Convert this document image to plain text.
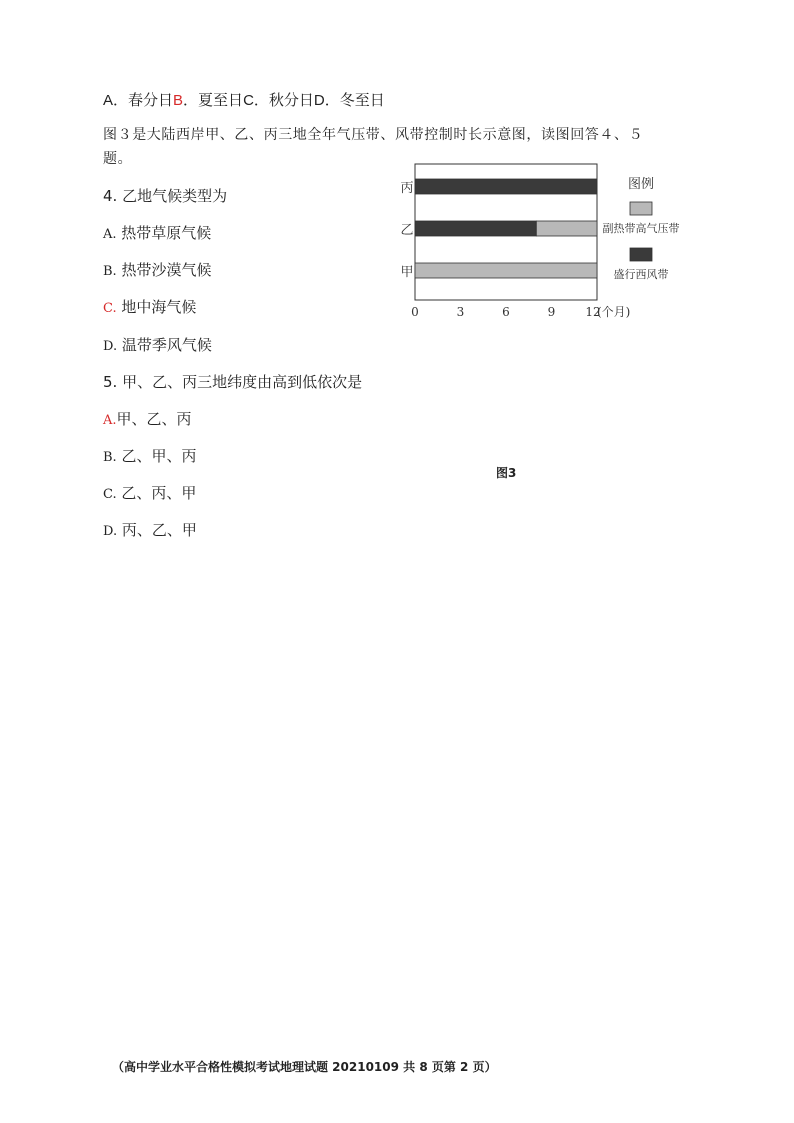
A．春分日B．夏至日C．秋分日D．冬至日
图３是大陆西岸甲、乙、丙三地全年气压带、风带控制时长示意图，读图回答４、５
题。
4. 乙地气候类型为
A. 热带草原气候
B. 热带沙漠气候
C. 地中海气候
D. 温带季风气候
5. 甲、乙、丙三地纬度由高到低依次是
A.甲、乙、丙
B. 乙、甲、丙
C. 乙、丙、甲
D. 丙、乙、甲
丙
乙
甲
0	3	6	9	12
(个月)
图例
副热带高气压带
盛行西风带
图3
（高中学业水平合格性模拟考试地理试题 20210109 共 8 页第 2 页）
